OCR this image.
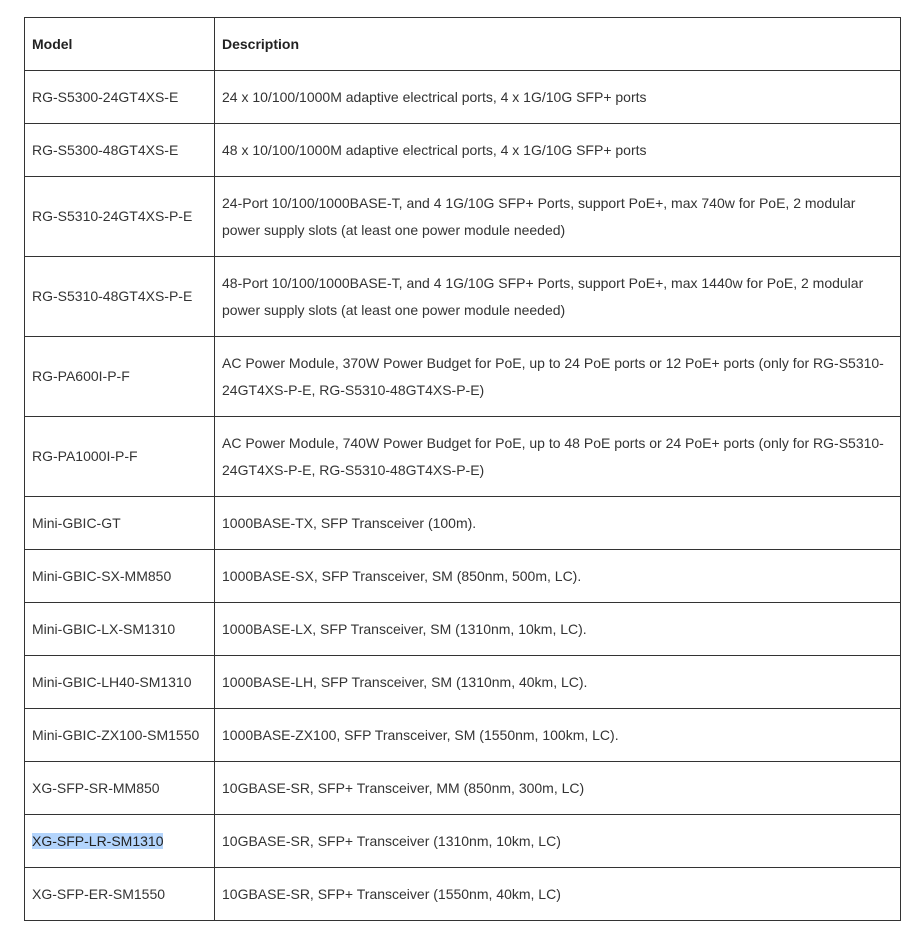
Model	Description
RG-S5300-24GT4XS-E	24 x 10/100/1000M adaptive electrical ports, 4 x 1G/10G SFP+ ports
RG-S5300-48GT4XS-E	48 x 10/100/1000M adaptive electrical ports, 4 x 1G/10G SFP+ ports
RG-S5310-24GT4XS-P-E	24-Port 10/100/1000BASE-T, and 4 1G/10G SFP+ Ports, support PoE+, max 740w for PoE, 2 modular power supply slots (at least one power module needed)
RG-S5310-48GT4XS-P-E	48-Port 10/100/1000BASE-T, and 4 1G/10G SFP+ Ports, support PoE+, max 1440w for PoE, 2 modular power supply slots (at least one power module needed)
RG-PA600I-P-F	AC Power Module, 370W Power Budget for PoE, up to 24 PoE ports or 12 PoE+ ports (only for RG-S5310-24GT4XS-P-E, RG-S5310-48GT4XS-P-E)
RG-PA1000I-P-F	AC Power Module, 740W Power Budget for PoE, up to 48 PoE ports or 24 PoE+ ports (only for RG-S5310-24GT4XS-P-E, RG-S5310-48GT4XS-P-E)
Mini-GBIC-GT	1000BASE-TX, SFP Transceiver (100m).
Mini-GBIC-SX-MM850	1000BASE-SX, SFP Transceiver, SM (850nm, 500m, LC).
Mini-GBIC-LX-SM1310	1000BASE-LX, SFP Transceiver, SM (1310nm, 10km, LC).
Mini-GBIC-LH40-SM1310	1000BASE-LH, SFP Transceiver, SM (1310nm, 40km, LC).
Mini-GBIC-ZX100-SM1550	1000BASE-ZX100, SFP Transceiver, SM (1550nm, 100km, LC).
XG-SFP-SR-MM850	10GBASE-SR, SFP+ Transceiver, MM (850nm, 300m, LC)
XG-SFP-LR-SM1310	10GBASE-SR, SFP+ Transceiver (1310nm, 10km, LC)
XG-SFP-ER-SM1550	10GBASE-SR, SFP+ Transceiver (1550nm, 40km, LC)
